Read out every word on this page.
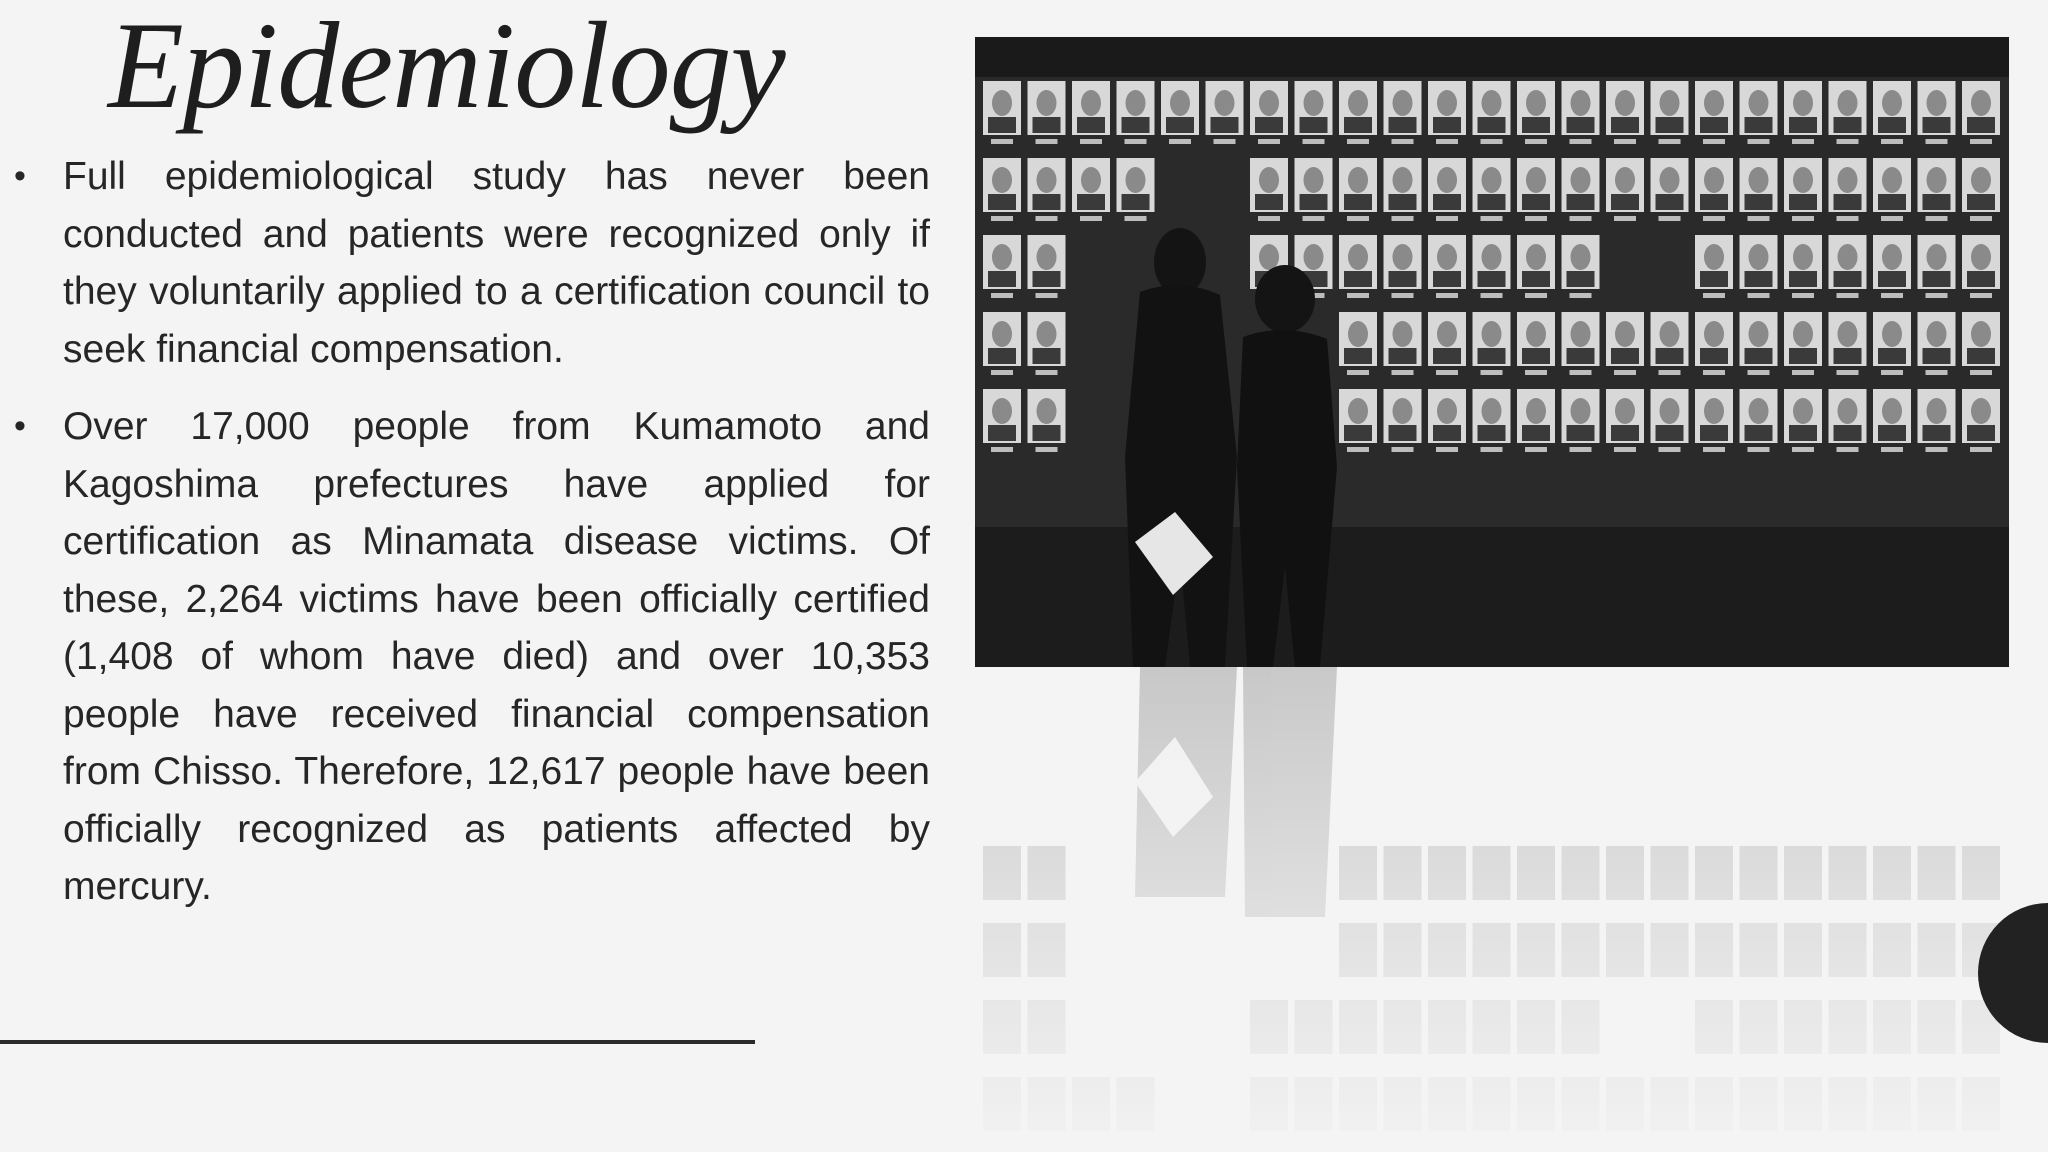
Epidemiology
• Full epidemiological study has never been conducted and patients were recognized only if they voluntarily applied to a certification council to seek financial compensation.
• Over 17,000 people from Kumamoto and Kagoshima prefectures have applied for certification as Minamata disease victims. Of these, 2,264 victims have been officially certified (1,408 of whom have died) and over 10,353 people have received financial compensation from Chisso. Therefore, 12,617 people have been officially recognized as patients affected by mercury.
